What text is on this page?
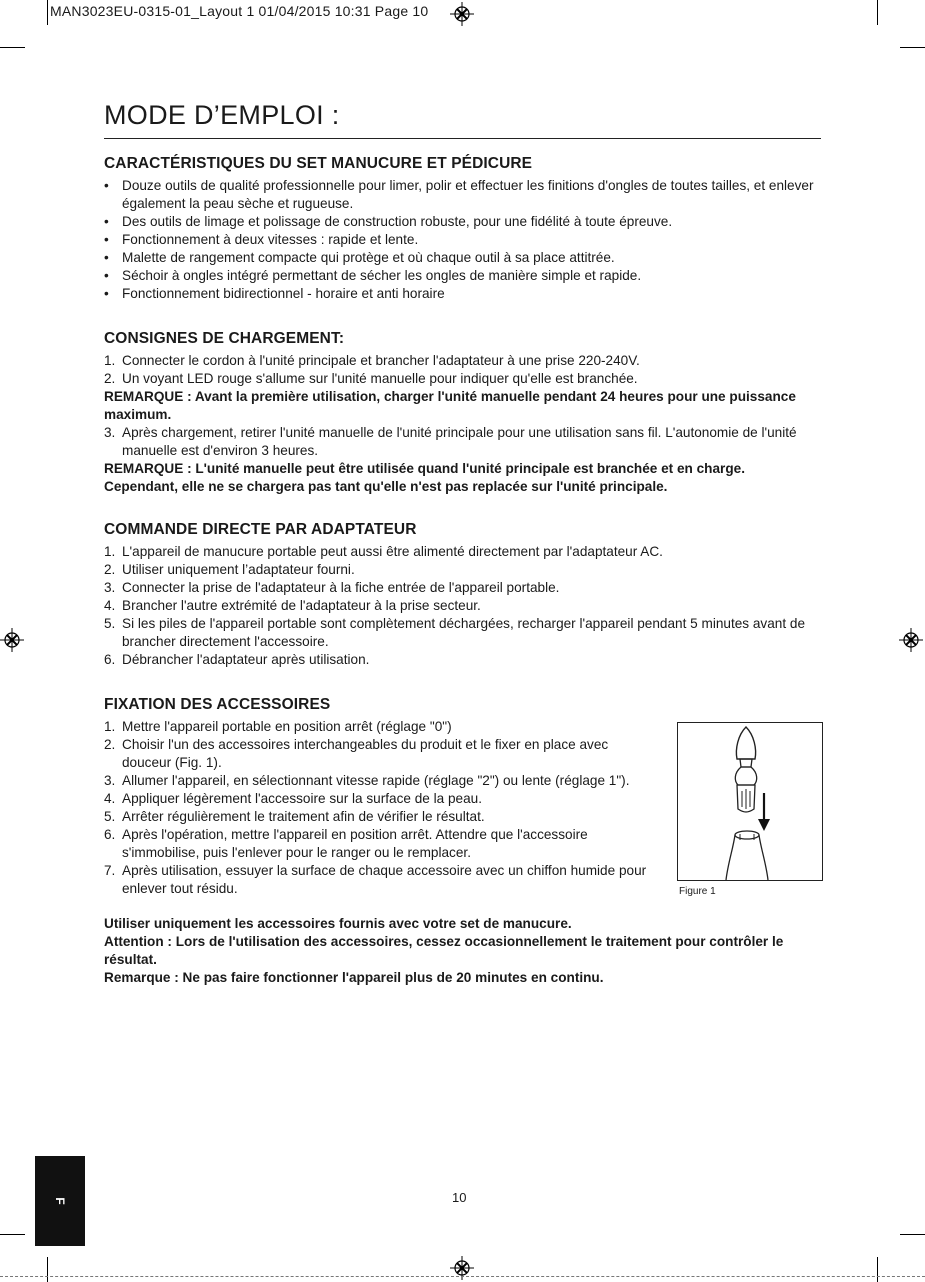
MAN3023EU-0315-01_Layout 1 01/04/2015 10:31 Page 10
MODE D’EMPLOI :
CARACTÉRISTIQUES DU SET MANUCURE ET PÉDICURE
• Douze outils de qualité professionnelle pour limer, polir et effectuer les finitions d'ongles de toutes tailles, et enlever également la peau sèche et rugueuse.
• Des outils de limage et polissage de construction robuste, pour une fidélité à toute épreuve.
• Fonctionnement à deux vitesses : rapide et lente.
• Malette de rangement compacte qui protège et où chaque outil à sa place attitrée.
• Séchoir à ongles intégré permettant de sécher les ongles de manière simple et rapide.
• Fonctionnement bidirectionnel - horaire et anti horaire
CONSIGNES DE CHARGEMENT:
1. Connecter le cordon à l'unité principale et brancher l'adaptateur à une prise 220-240V.
2. Un voyant LED rouge s'allume sur l'unité manuelle pour indiquer qu'elle est branchée.
REMARQUE : Avant la première utilisation, charger l'unité manuelle pendant 24 heures pour une puissance maximum.
3. Après chargement, retirer l'unité manuelle de l'unité principale pour une utilisation sans fil. L'autonomie de l'unité manuelle est d'environ 3 heures.
REMARQUE : L'unité manuelle peut être utilisée quand l'unité principale est branchée et en charge. Cependant, elle ne se chargera pas tant qu'elle n'est pas replacée sur l'unité principale.
COMMANDE DIRECTE PAR ADAPTATEUR
1. L'appareil de manucure portable peut aussi être alimenté directement par l'adaptateur AC.
2. Utiliser uniquement l’adaptateur fourni.
3. Connecter la prise de l'adaptateur à la fiche entrée de l'appareil portable.
4. Brancher l'autre extrémité de l'adaptateur à la prise secteur.
5. Si les piles de l'appareil portable sont complètement déchargées, recharger l'appareil pendant 5 minutes avant de brancher directement l'accessoire.
6. Débrancher l'adaptateur après utilisation.
FIXATION DES ACCESSOIRES
1. Mettre l'appareil portable en position arrêt (réglage "0")
2. Choisir l'un des accessoires interchangeables du produit et le fixer en place avec douceur (Fig. 1).
3. Allumer l'appareil, en sélectionnant vitesse rapide (réglage "2") ou lente (réglage 1").
4. Appliquer légèrement l'accessoire sur la surface de la peau.
5. Arrêter régulièrement le traitement afin de vérifier le résultat.
6. Après l'opération, mettre l'appareil en position arrêt. Attendre que l'accessoire s'immobilise, puis l'enlever pour le ranger ou le remplacer.
7. Après utilisation, essuyer la surface de chaque accessoire avec un chiffon humide pour enlever tout résidu.	Figure 1
Utiliser uniquement les accessoires fournis avec votre set de manucure.
Attention : Lors de l'utilisation des accessoires, cessez occasionnellement le traitement pour contrôler le résultat.
Remarque : Ne pas faire fonctionner l'appareil plus de 20 minutes en continu.
F	10
